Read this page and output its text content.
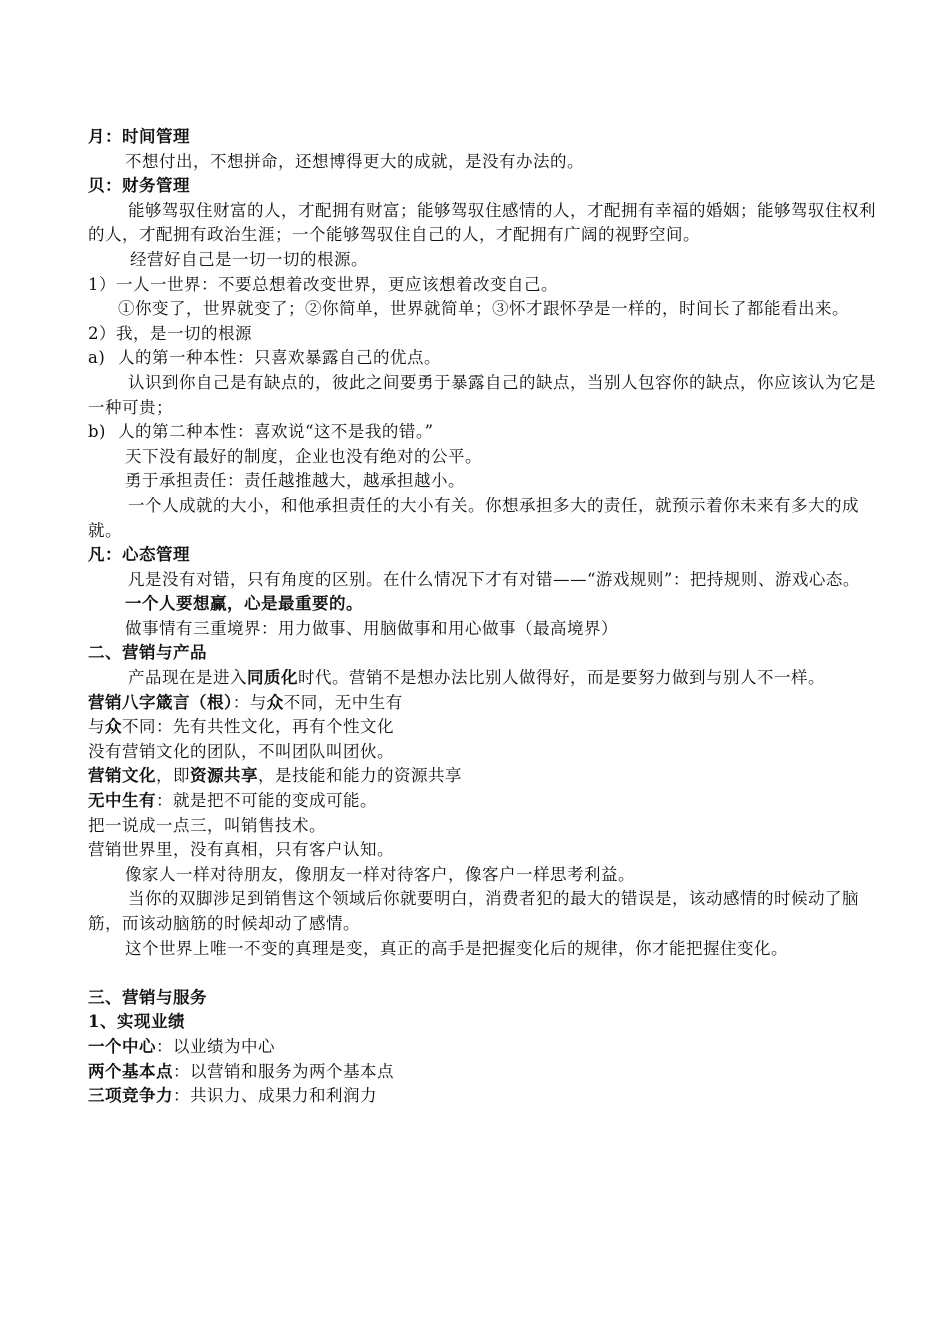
月：时间管理
不想付出，不想拼命，还想博得更大的成就，是没有办法的。
贝：财务管理
能够驾驭住财富的人，才配拥有财富；能够驾驭住感情的人，才配拥有幸福的婚姻；能够驾驭住权利的人，才配拥有政治生涯；一个能够驾驭住自己的人，才配拥有广阔的视野空间。
经营好自己是一切一切的根源。
1）一人一世界：不要总想着改变世界，更应该想着改变自己。
①你变了，世界就变了；②你简单，世界就简单；③怀才跟怀孕是一样的，时间长了都能看出来。
2）我，是一切的根源
a) 人的第一种本性：只喜欢暴露自己的优点。
认识到你自己是有缺点的，彼此之间要勇于暴露自己的缺点，当别人包容你的缺点，你应该认为它是一种可贵；
b) 人的第二种本性：喜欢说“这不是我的错。”
天下没有最好的制度，企业也没有绝对的公平。
勇于承担责任：责任越推越大，越承担越小。
一个人成就的大小，和他承担责任的大小有关。你想承担多大的责任，就预示着你未来有多大的成就。
凡：心态管理
凡是没有对错，只有角度的区别。在什么情况下才有对错——“游戏规则”：把持规则、游戏心态。
一个人要想赢，心是最重要的。
做事情有三重境界：用力做事、用脑做事和用心做事（最高境界）
二、营销与产品
产品现在是进入同质化时代。营销不是想办法比别人做得好，而是要努力做到与别人不一样。
营销八字箴言（根）：与众不同，无中生有
与众不同：先有共性文化，再有个性文化
没有营销文化的团队，不叫团队叫团伙。
营销文化，即资源共享，是技能和能力的资源共享
无中生有：就是把不可能的变成可能。
把一说成一点三，叫销售技术。
营销世界里，没有真相，只有客户认知。
像家人一样对待朋友，像朋友一样对待客户，像客户一样思考利益。
当你的双脚涉足到销售这个领域后你就要明白，消费者犯的最大的错误是，该动感情的时候动了脑筋，而该动脑筋的时候却动了感情。
这个世界上唯一不变的真理是变，真正的高手是把握变化后的规律，你才能把握住变化。
三、营销与服务
1、实现业绩
一个中心：以业绩为中心
两个基本点：以营销和服务为两个基本点
三项竞争力：共识力、成果力和利润力
